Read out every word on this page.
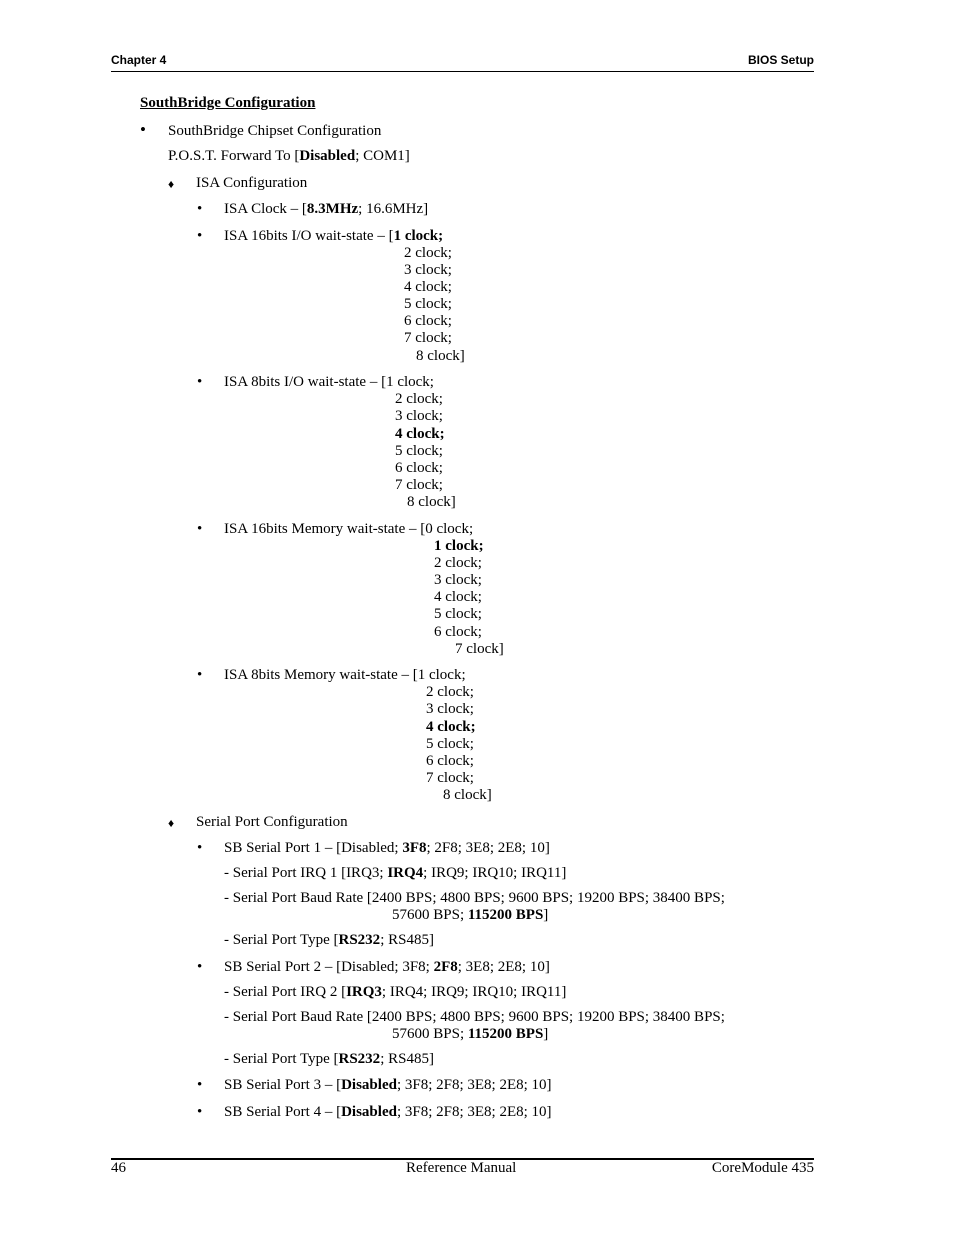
Chapter 4	BIOS Setup
SouthBridge Configuration
• SouthBridge Chipset Configuration
P.O.S.T. Forward To [Disabled; COM1]
♦ ISA Configuration
• ISA Clock – [8.3MHz; 16.6MHz]
• ISA 16bits I/O wait-state – [1 clock;
2 clock;
3 clock;
4 clock;
5 clock;
6 clock;
7 clock;
8 clock]
• ISA 8bits I/O wait-state – [1 clock;
2 clock;
3 clock;
4 clock;
5 clock;
6 clock;
7 clock;
8 clock]
• ISA 16bits Memory wait-state – [0 clock;
1 clock;
2 clock;
3 clock;
4 clock;
5 clock;
6 clock;
7 clock]
• ISA 8bits Memory wait-state – [1 clock;
2 clock;
3 clock;
4 clock;
5 clock;
6 clock;
7 clock;
8 clock]
♦ Serial Port Configuration
• SB Serial Port 1 – [Disabled; 3F8; 2F8; 3E8; 2E8; 10]
- Serial Port IRQ 1 [IRQ3; IRQ4; IRQ9; IRQ10; IRQ11]
- Serial Port Baud Rate [2400 BPS; 4800 BPS; 9600 BPS; 19200 BPS; 38400 BPS;
57600 BPS; 115200 BPS]
- Serial Port Type [RS232; RS485]
• SB Serial Port 2 – [Disabled; 3F8; 2F8; 3E8; 2E8; 10]
- Serial Port IRQ 2 [IRQ3; IRQ4; IRQ9; IRQ10; IRQ11]
- Serial Port Baud Rate [2400 BPS; 4800 BPS; 9600 BPS; 19200 BPS; 38400 BPS;
57600 BPS; 115200 BPS]
- Serial Port Type [RS232; RS485]
• SB Serial Port 3 – [Disabled; 3F8; 2F8; 3E8; 2E8; 10]
• SB Serial Port 4 – [Disabled; 3F8; 2F8; 3E8; 2E8; 10]
46	Reference Manual	CoreModule 435
